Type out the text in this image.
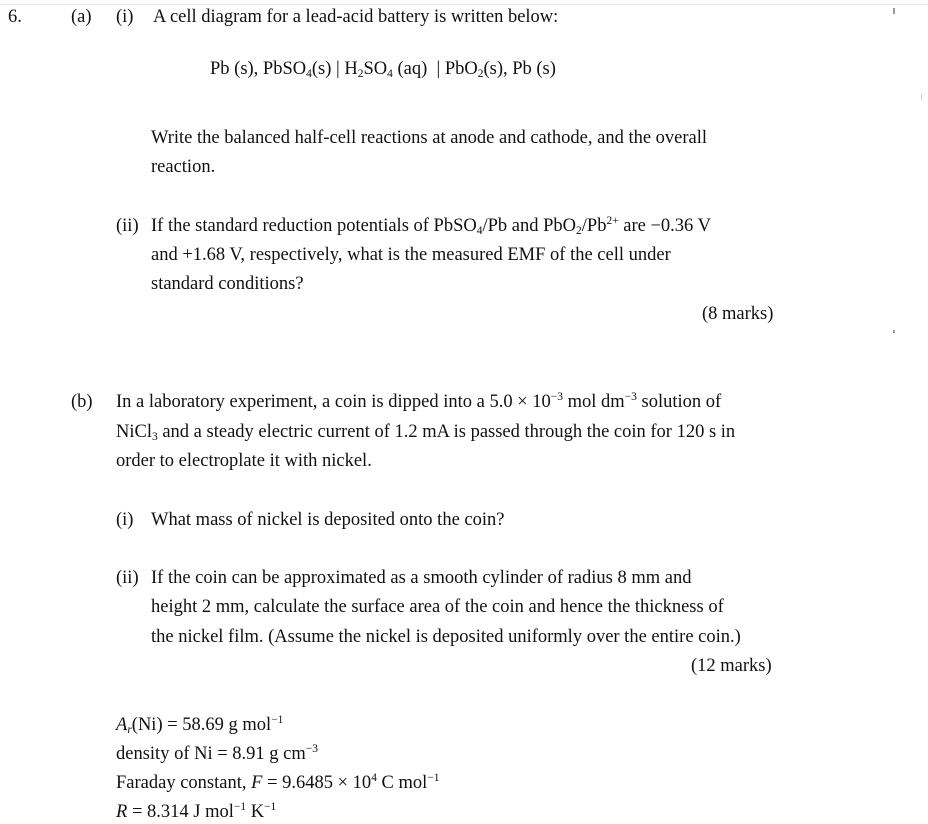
6.	(a) (i) A cell diagram for a lead-acid battery is written below:
Pb (s), PbSO$_4$(s) | $H_2SO_4$ (aq)  | PbO$_2$(s), Pb (s)
Write the balanced half-cell reactions at anode and cathode, and the overall
reaction.
(ii) If the standard reduction potentials of PbSO$_4$/Pb and $PbO_2/Pb^{2+}$ are −0.36 V
and +1.68 V, respectively, what is the measured EMF of the cell under
standard conditions?
(8 marks)
(b) In a laboratory experiment, a coin is dipped into a $5.0 \times 10^{-3}$ mol $dm^{-3}$ solution of
NiCl$_3$ and a steady electric current of 1.2 mA is passed through the coin for 120 s in
order to electroplate it with nickel.
(i) What mass of nickel is deposited onto the coin?
(ii) If the coin can be approximated as a smooth cylinder of radius 8 mm and
height 2 mm, calculate the surface area of the coin and hence the thickness of
the nickel film. (Assume the nickel is deposited uniformly over the entire coin.)
(12 marks)
$A_r(Ni) = 58.69$ g mol$^{-1}$
density of Ni = 8.91 g $cm^{-3}$
Faraday constant, $F = 9.6485 \times 10^4$ C mol$^{-1}$
R = 8.314 J mol$^{-1}$ $K^{-1}$
